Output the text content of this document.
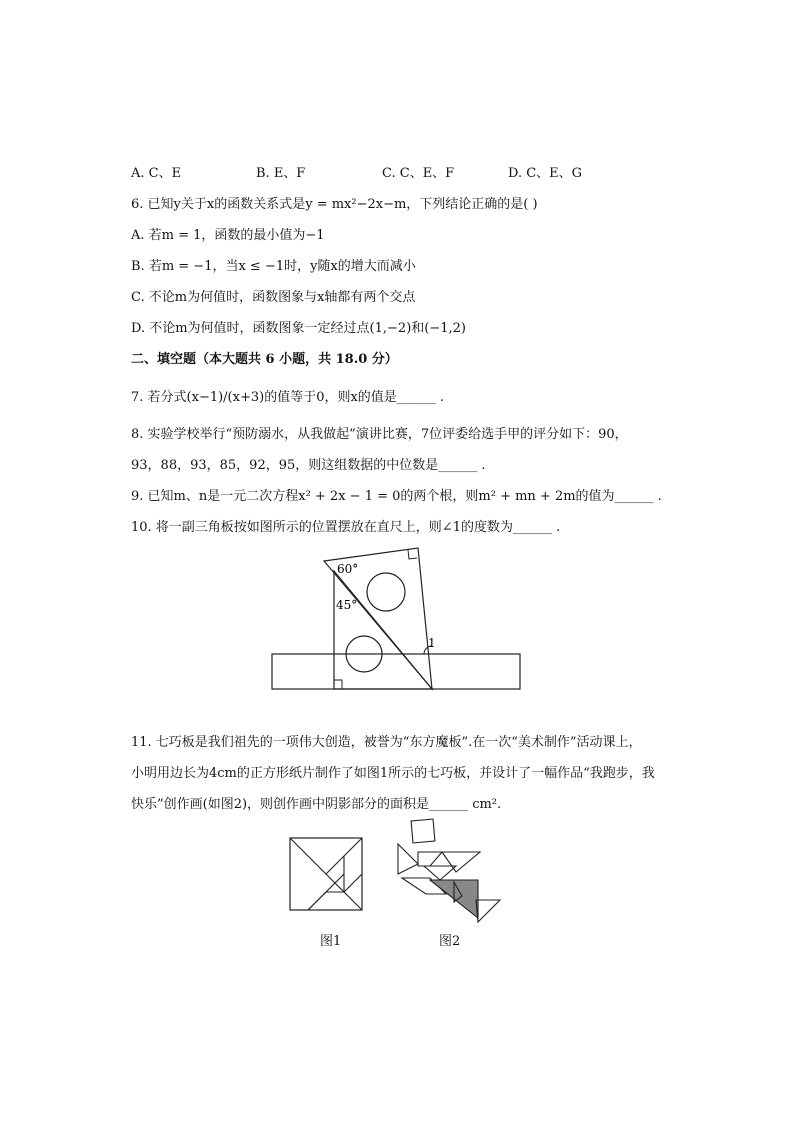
A. C、E	B. E、F	C. C、E、F	D. C、E、G
6. 已知y关于x的函数关系式是y = mx²−2x−m，下列结论正确的是( )
A. 若m = 1，函数的最小值为−1
B. 若m = −1，当x ≤ −1时，y随x的增大而减小
C. 不论m为何值时，函数图象与x轴都有两个交点
D. 不论m为何值时，函数图象一定经过点(1,−2)和(−1,2)
二、填空题（本大题共 6 小题，共 18.0 分）
7. 若分式(x−1)/(x+3)的值等于0，则x的值是______ .
8. 实验学校举行“预防溺水，从我做起”演讲比赛，7位评委给选手甲的评分如下：90，
93，88，93，85，92，95，则这组数据的中位数是______ .
9. 已知m、n是一元二次方程x² + 2x − 1 = 0的两个根，则m² + mn + 2m的值为______ .
10. 将一副三角板按如图所示的位置摆放在直尺上，则∠1的度数为______ .
60°
45°
1
图1	图2
11. 七巧板是我们祖先的一项伟大创造，被誉为“东方魔板”.在一次“美术制作”活动课上，
小明用边长为4cm的正方形纸片制作了如图1所示的七巧板，并设计了一幅作品“我跑步，我
快乐”创作画(如图2)，则创作画中阴影部分的面积是______ cm².
